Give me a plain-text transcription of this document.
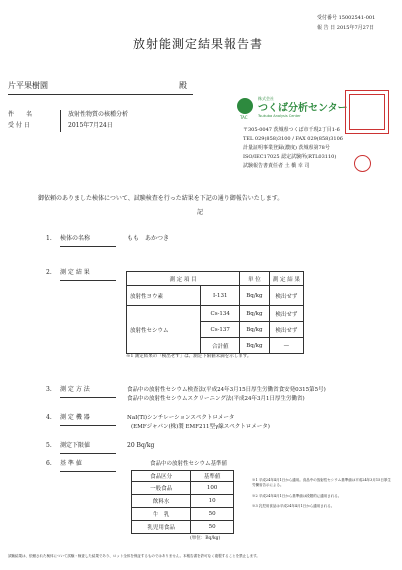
受付番号 15002541-001
報 告 日 2015年7月27日
放射能測定結果報告書
片平果樹園	殿
件　　名	放射性物質の核種分析
受 付 日	2015年7月24日
TAC
株式会社
つくば分析センター
Tsukuba Analysis Center
〒305-0047 茨城県つくば市千現2丁目1-6
TEL 029(858)3100 / FAX 029(858)3106
計量証明事業登録(濃度) 茨城県第78号
ISO/IEC17025 認定試験所(RTL03110)
試験報告書責任者 土 橋 幸 司
御依頼のありました検体について、試験検査を行った結果を下記の通り御報告いたします。
記
1. 検体の名称	もも　あかつき
2. 測 定 結 果
測 定 項 目		単 位	測 定 結 果
放射性ヨウ素	I-131	Bq/kg	検出せず
放射性セシウム	Cs-134	Bq/kg	検出せず
	Cs-137	Bq/kg	検出せず
	合計値	Bq/kg	—
※1 測定結果の「検出せず」は、測定下限値未満を示します。
3. 測 定 方 法	食品中の放射性セシウム検査法(平成24年3月15日厚生労働省食安発0315第5号)
食品中の放射性セシウムスクリーニング法(平成24年3月1日厚生労働省)
4. 測 定 機 器	NaI(Tl)シンチレーションスペクトロメータ
(EMFジャパン(株)製 EMF211型γ線スペクトロメータ)
5. 測定下限値	20 Bq/kg
6. 基 準 値	食品中の放射性セシウム基準値
食品区分	基準値
一般食品	100
飲料水	10
牛　乳	50
乳児用食品	50
(単位：Bq/kg)
※1 平成24年4月1日から適用。食品中の放射性セシウム基準値は平成24年3月15日厚生労働省告示による。
※2 平成24年4月1日から基準値は段階的に適用される。
※3 乳児用食品は平成24年4月1日から適用される。
試験結果は、依頼された検体について試験・検査した結果であり、ロット全体を保証するものではありません。本報告書を許可なく複製することを禁止します。
